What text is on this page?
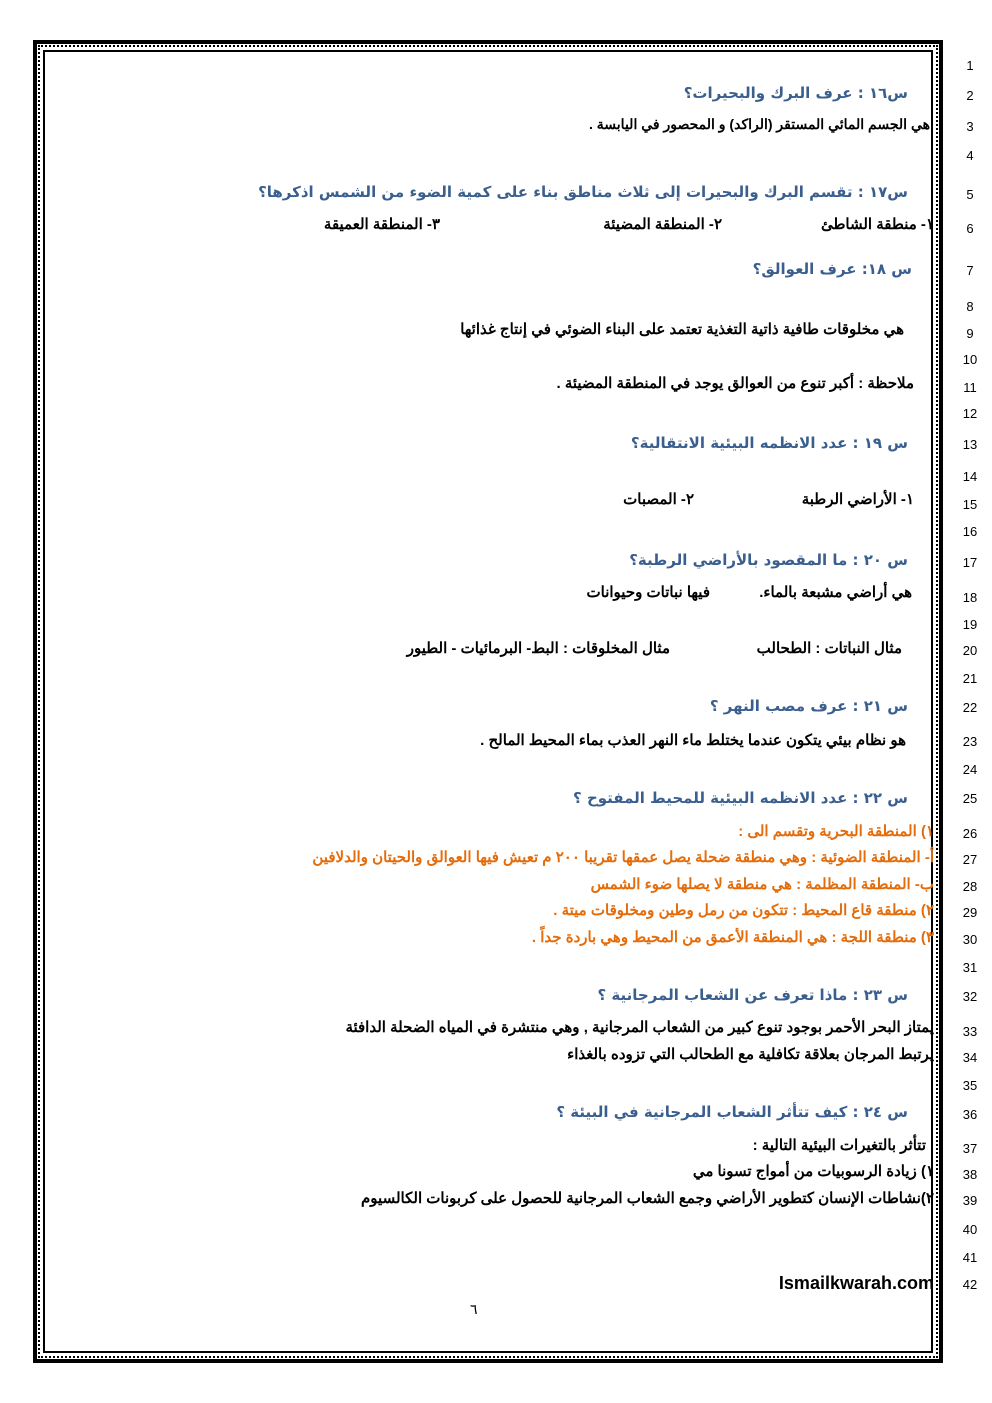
1
2
3
4
5
6
7
8
9
10
11
12
13
14
15
16
17
18
19
20
21
22
23
24
25
26
27
28
29
30
31
32
33
34
35
36
37
38
39
40
41
42
س١٦ : عرف البرك والبحيرات؟
هي الجسم المائي المستقر (الراكد) و المحصور في اليابسة .
س١٧ : تقسم البرك والبحيرات إلى ثلاث مناطق بناء على كمية الضوء من الشمس اذكرها؟
١- منطقة الشاطئ
٢- المنطقة المضيئة
٣- المنطقة العميقة
س ١٨: عرف العوالق؟
هي مخلوقات طافية ذاتية التغذية تعتمد على البناء الضوئي في إنتاج غذائها
ملاحظة : أكبر تنوع من العوالق يوجد في المنطقة المضيئة .
س ١٩ : عدد الانظمه البيئية الانتقالية؟
١- الأراضي الرطبة
٢- المصبات
س ٢٠ : ما المقصود بالأراضي الرطبة؟
هي أراضي مشبعة بالماء.
فيها نباتات وحيوانات
مثال النباتات : الطحالب
مثال المخلوقات : البط- البرمائيات - الطيور
س ٢١ : عرف مصب النهر ؟
هو نظام بيئي يتكون عندما يختلط ماء النهر العذب بماء المحيط المالح .
س ٢٢ : عدد الانظمه البيئية للمحيط المفتوح ؟
١) المنطقة البحرية وتقسم الى :
أ- المنطقة الضوئية : وهي منطقة ضحلة يصل عمقها تقريبا ٢٠٠ م تعيش فيها العوالق والحيتان والدلافين
ب- المنطقة المظلمة : هي منطقة لا يصلها ضوء الشمس
٢) منطقة قاع المحيط : تتكون من رمل وطين ومخلوقات ميتة .
٣) منطقة اللجة : هي المنطقة الأعمق من المحيط وهي باردة جداً .
س ٢٣ : ماذا تعرف عن الشعاب المرجانية ؟
يمتاز البحر الأحمر بوجود تنوع كبير من الشعاب المرجانية , وهي منتشرة في المياه الضحلة الدافئة
يرتبط المرجان بعلاقة تكافلية مع الطحالب التي تزوده بالغذاء
س ٢٤ : كيف تتأثر الشعاب المرجانية في البيئة ؟
تتأثر بالتغيرات البيئية التالية :
١) زيادة الرسوبيات من أمواج تسونا مي
٢)نشاطات الإنسان كتطوير الأراضي وجمع الشعاب المرجانية للحصول على كربونات الكالسيوم
Ismailkwarah.com
٦
